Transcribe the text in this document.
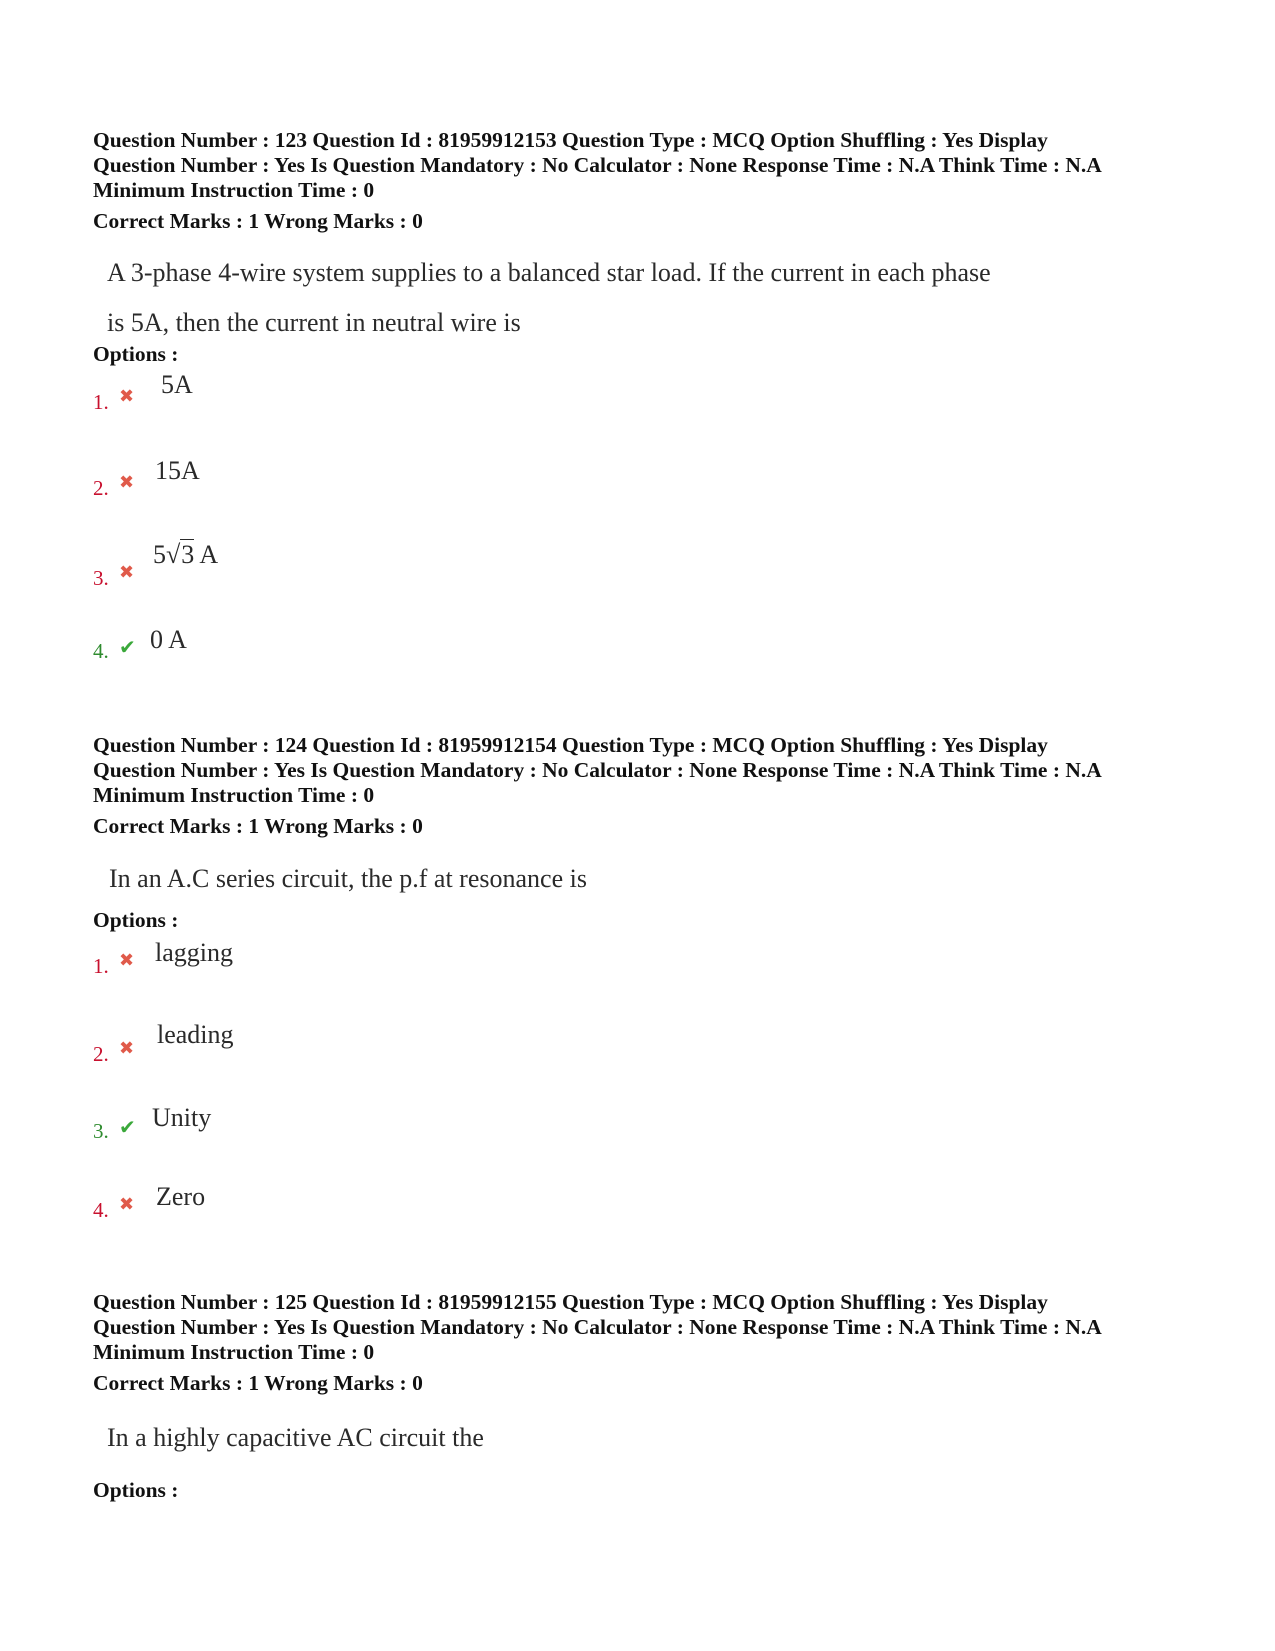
Question Number : 123 Question Id : 81959912153 Question Type : MCQ Option Shuffling : Yes Display
Question Number : Yes Is Question Mandatory : No Calculator : None Response Time : N.A Think Time : N.A
Minimum Instruction Time : 0
Correct Marks : 1 Wrong Marks : 0
A 3-phase 4-wire system supplies to a balanced star load. If the current in each phase
is 5A, then the current in neutral wire is
Options :
1. ✖ 5A
2. ✖ 15A
3. ✖
5√3 A
4. ✔ 0 A
Question Number : 124 Question Id : 81959912154 Question Type : MCQ Option Shuffling : Yes Display
Question Number : Yes Is Question Mandatory : No Calculator : None Response Time : N.A Think Time : N.A
Minimum Instruction Time : 0
Correct Marks : 1 Wrong Marks : 0
In an A.C series circuit, the p.f at resonance is
Options :
1. ✖ lagging
2. ✖ leading
3. ✔ Unity
4. ✖ Zero
Question Number : 125 Question Id : 81959912155 Question Type : MCQ Option Shuffling : Yes Display
Question Number : Yes Is Question Mandatory : No Calculator : None Response Time : N.A Think Time : N.A
Minimum Instruction Time : 0
Correct Marks : 1 Wrong Marks : 0
In a highly capacitive AC circuit the
Options :
